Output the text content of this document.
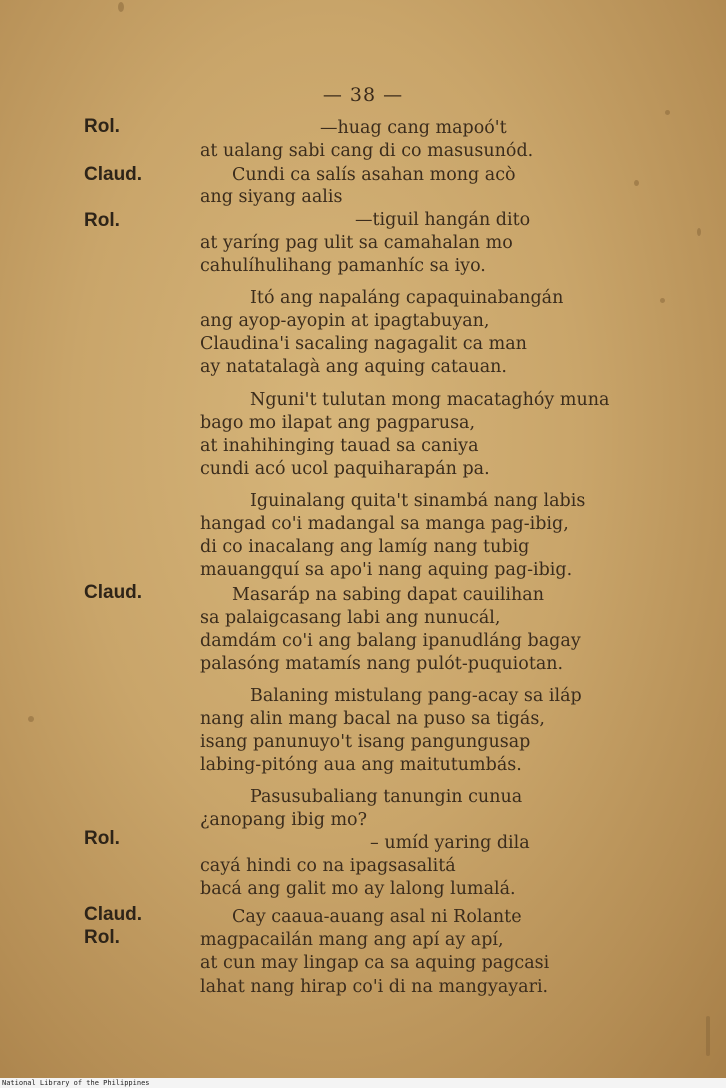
— 38 —
Rol.
Claud.
Rol.
Claud.
Rol.
Claud.
Rol.
—huag cang mapoó't
at ualang sabi cang di co masusunód.
Cundi ca salís asahan mong acò
ang siyang aalis
—tiguil hangán dito
at yaríng pag ulit sa camahalan mo
cahulíhulihang pamanhíc sa iyo.
Itó ang napaláng capaquinabangán
ang ayop-ayopin at ipagtabuyan,
Claudina'i sacaling nagagalit ca man
ay natatalagà ang aquing catauan.
Nguni't tulutan mong macataghóy muna
bago mo ilapat ang pagparusa,
at inahihinging tauad sa caniya
cundi acó ucol paquiharapán pa.
Iguinalang quita't sinambá nang labis
hangad co'i madangal sa manga pag-ibig,
di co inacalang ang lamíg nang tubig
mauangquí sa apo'i nang aquing pag-ibig.
Masaráp na sabing dapat cauilihan
sa palaigcasang labi ang nunucál,
damdám co'i ang balang ipanudláng bagay
palasóng matamís nang pulót-puquiotan.
Balaning mistulang pang-acay sa iláp
nang alin mang bacal na puso sa tigás,
isang panunuyo't isang pangungusap
labing-pitóng aua ang maitutumbás.
Pasusubaliang tanungin cunua
¿anopang ibig mo?
– umíd yaring dila
cayá hindi co na ipagsasalitá
bacá ang galit mo ay lalong lumalá.
Cay caaua-auang asal ni Rolante
magpacailán mang ang apí ay apí,
at cun may lingap ca sa aquing pagcasi
lahat nang hirap co'i di na mangyayari.
National Library of the Philippines
